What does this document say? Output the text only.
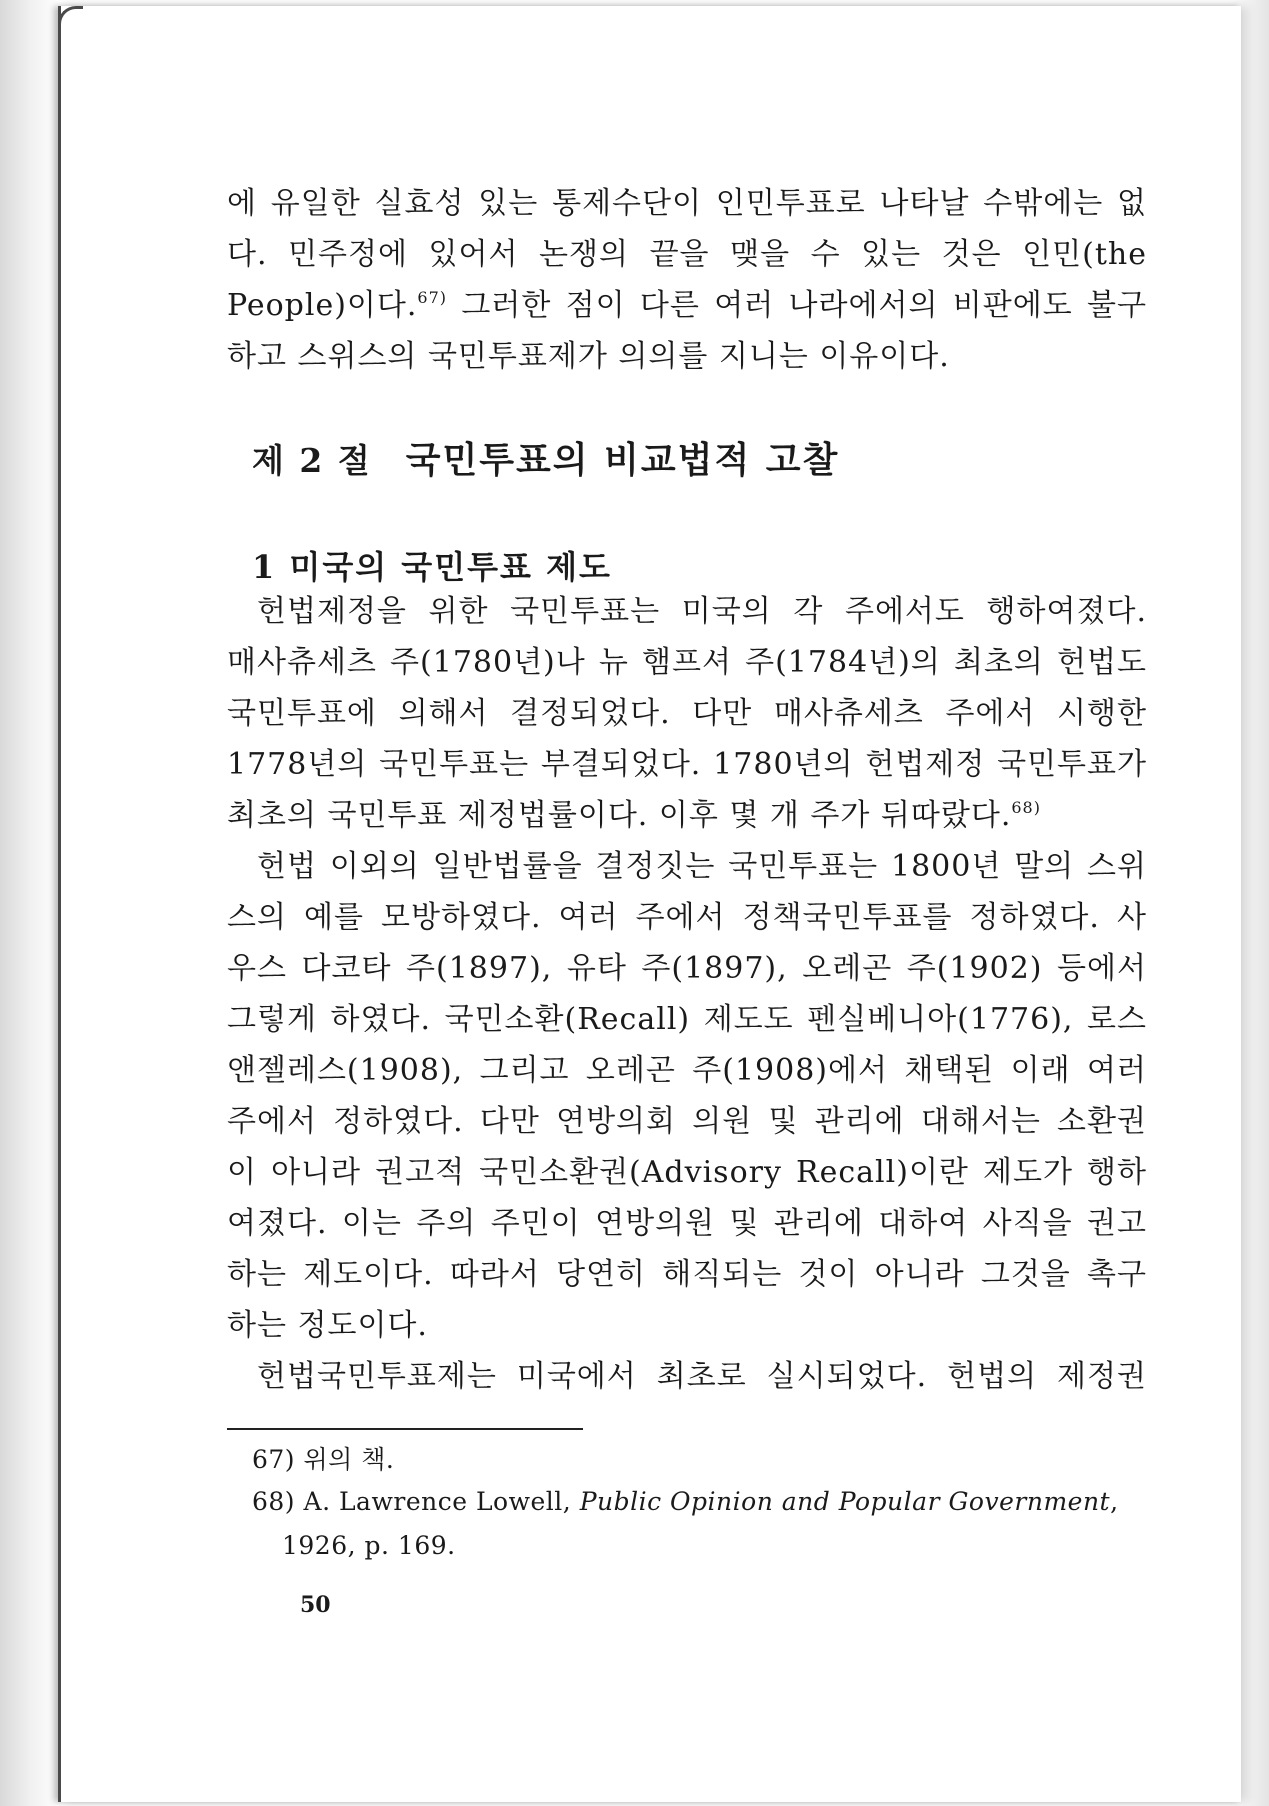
에 유일한 실효성 있는 통제수단이 인민투표로 나타날 수밖에는 없
다. 민주정에 있어서 논쟁의 끝을 맺을 수 있는 것은 인민(the
People)이다.$^{67)}$ 그러한 점이 다른 여러 나라에서의 비판에도 불구
하고 스위스의 국민투표제가 의의를 지니는 이유이다.

제 2 절 국민투표의 비교법적 고찰
1 미국의 국민투표 제도

헌법제정을 위한 국민투표는 미국의 각 주에서도 행하여졌다.
매사츄세츠 주(1780년)나 뉴 햄프셔 주(1784년)의 최초의 헌법도
국민투표에 의해서 결정되었다. 다만 매사츄세츠 주에서 시행한
1778년의 국민투표는 부결되었다. 1780년의 헌법제정 국민투표가
최초의 국민투표 제정법률이다. 이후 몇 개 주가 뒤따랐다.$^{68)}$

헌법 이외의 일반법률을 결정짓는 국민투표는 1800년 말의 스위
스의 예를 모방하였다. 여러 주에서 정책국민투표를 정하였다. 사
우스 다코타 주(1897), 유타 주(1897), 오레곤 주(1902) 등에서
그렇게 하였다. 국민소환(Recall) 제도도 펜실베니아(1776), 로스
앤젤레스(1908), 그리고 오레곤 주(1908)에서 채택된 이래 여러
주에서 정하였다. 다만 연방의회 의원 및 관리에 대해서는 소환권
이 아니라 권고적 국민소환권(Advisory Recall)이란 제도가 행하
여졌다. 이는 주의 주민이 연방의원 및 관리에 대하여 사직을 권고
하는 제도이다. 따라서 당연히 해직되는 것이 아니라 그것을 촉구
하는 정도이다.

헌법국민투표제는 미국에서 최초로 실시되었다. 헌법의 제정권

67) 위의 책.

68) A. Lawrence Lowell, Public Opinion and Popular Government,
1926, p. 169.

50
